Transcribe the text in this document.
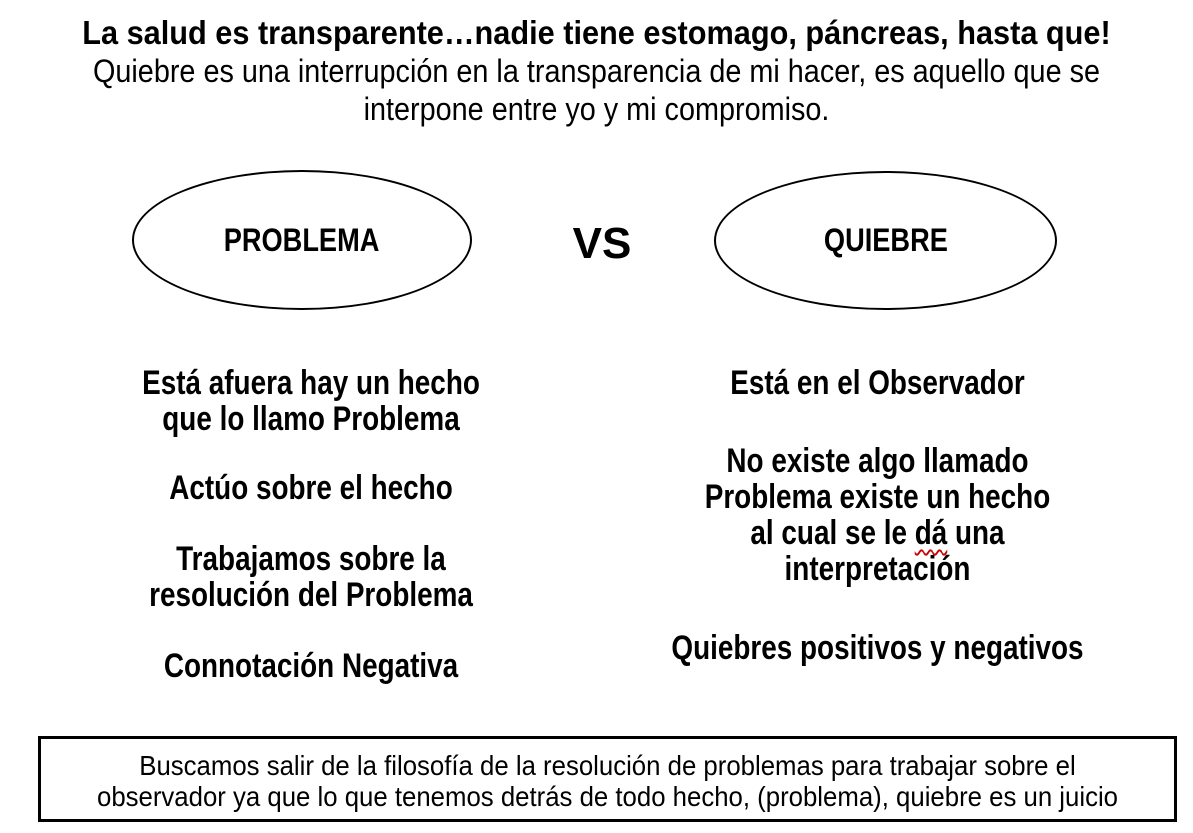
La salud es transparente…nadie tiene estomago, páncreas, hasta que!
Quiebre es una interrupción en la transparencia de mi hacer, es aquello que se
interpone entre yo y mi compromiso.
PROBLEMA	VS	QUIEBRE
Está afuera hay un hecho
que lo llamo Problema
Actúo sobre el hecho
Trabajamos sobre la
resolución del Problema
Connotación Negativa
Está en el Observador
No existe algo llamado
Problema existe un hecho
al cual se le dá una
interpretación
Quiebres positivos y negativos
Buscamos salir de la filosofía de la resolución de problemas para trabajar sobre el
observador ya que lo que tenemos detrás de todo hecho, (problema), quiebre es un juicio
